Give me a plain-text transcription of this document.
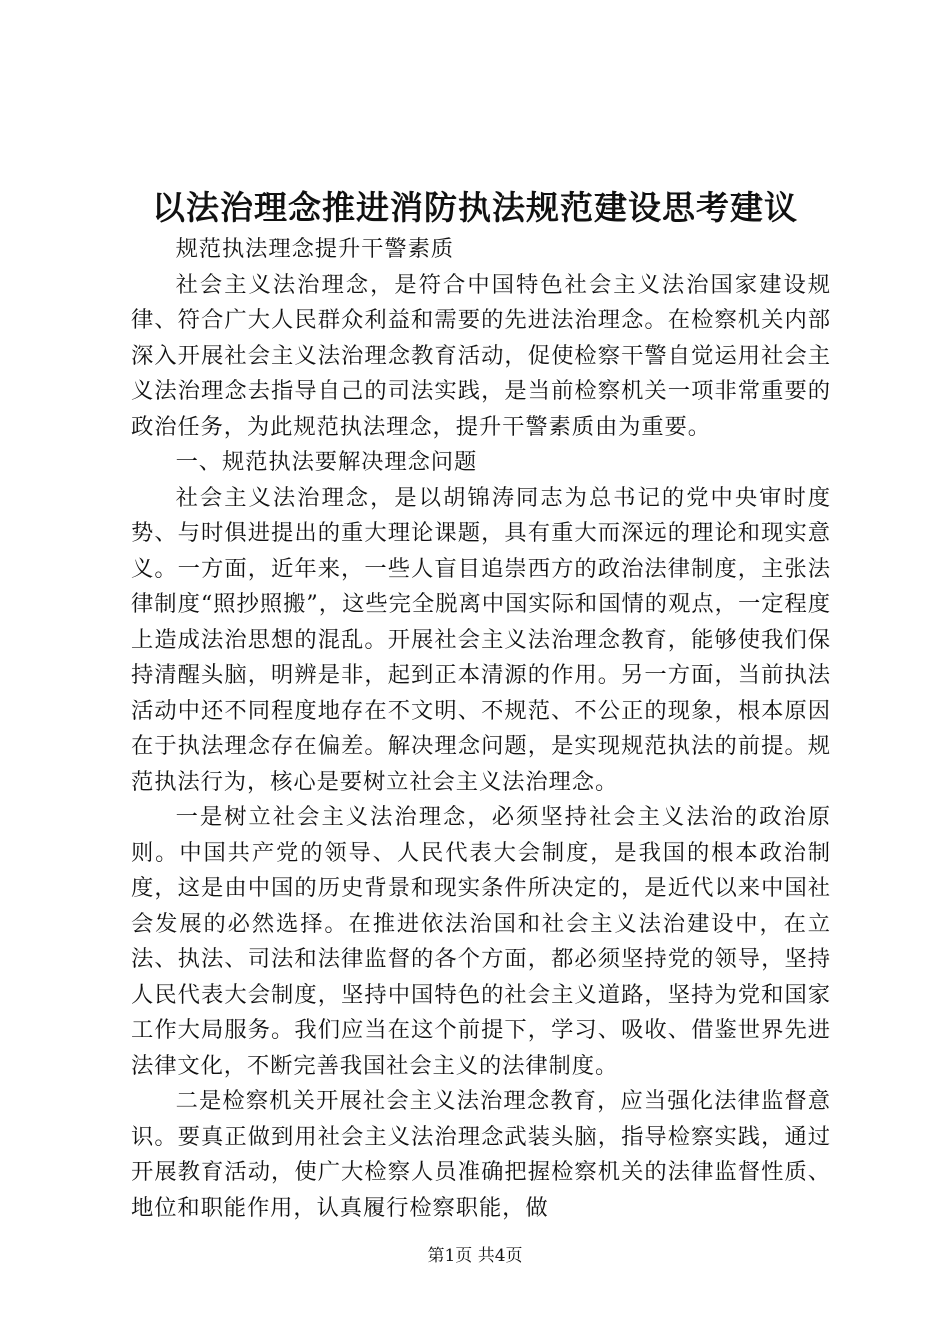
以法治理念推进消防执法规范建设思考建议

规范执法理念提升干警素质

社会主义法治理念，是符合中国特色社会主义法治国家建设规律、符合广大人民群众利益和需要的先进法治理念。在检察机关内部深入开展社会主义法治理念教育活动，促使检察干警自觉运用社会主义法治理念去指导自己的司法实践，是当前检察机关一项非常重要的政治任务，为此规范执法理念，提升干警素质由为重要。

一、规范执法要解决理念问题

社会主义法治理念，是以胡锦涛同志为总书记的党中央审时度势、与时俱进提出的重大理论课题，具有重大而深远的理论和现实意义。一方面，近年来，一些人盲目追崇西方的政治法律制度，主张法律制度“照抄照搬”，这些完全脱离中国实际和国情的观点，一定程度上造成法治思想的混乱。开展社会主义法治理念教育，能够使我们保持清醒头脑，明辨是非，起到正本清源的作用。另一方面，当前执法活动中还不同程度地存在不文明、不规范、不公正的现象，根本原因在于执法理念存在偏差。解决理念问题，是实现规范执法的前提。规范执法行为，核心是要树立社会主义法治理念。

一是树立社会主义法治理念，必须坚持社会主义法治的政治原则。中国共产党的领导、人民代表大会制度，是我国的根本政治制度，这是由中国的历史背景和现实条件所决定的，是近代以来中国社会发展的必然选择。在推进依法治国和社会主义法治建设中，在立法、执法、司法和法律监督的各个方面，都必须坚持党的领导，坚持人民代表大会制度，坚持中国特色的社会主义道路，坚持为党和国家工作大局服务。我们应当在这个前提下，学习、吸收、借鉴世界先进法律文化，不断完善我国社会主义的法律制度。

二是检察机关开展社会主义法治理念教育，应当强化法律监督意识。要真正做到用社会主义法治理念武装头脑，指导检察实践，通过开展教育活动，使广大检察人员准确把握检察机关的法律监督性质、地位和职能作用，认真履行检察职能，做

第1页 共4页
